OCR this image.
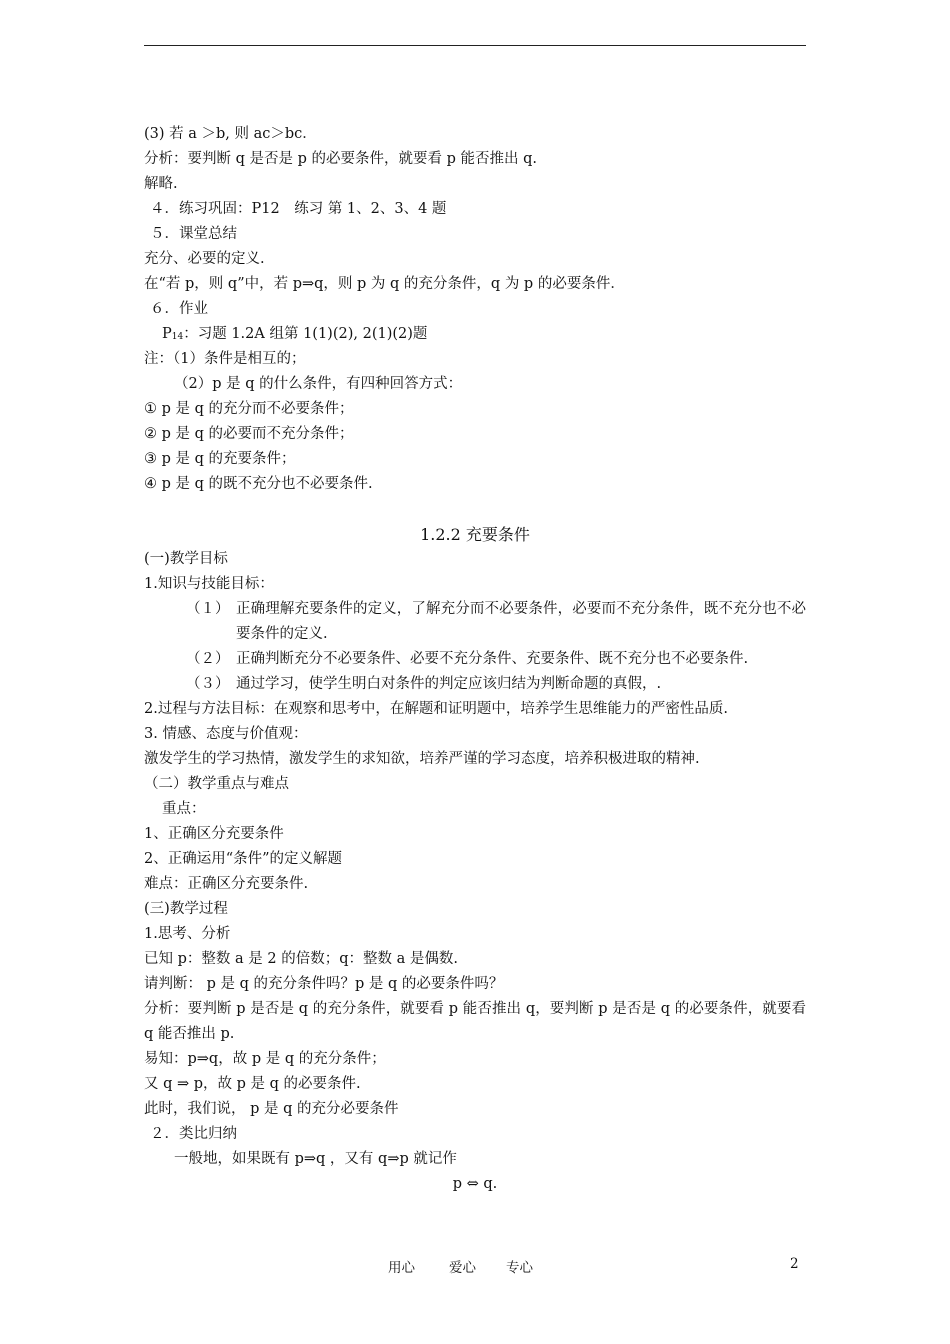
(3) 若 a ＞b, 则 ac＞bc．
分析：要判断 q 是否是 p 的必要条件，就要看 p 能否推出 q.
解略.
４．练习巩固：P12　练习 第 1、2、3、4 题
５．课堂总结
充分、必要的定义.
在“若 p，则 q”中，若 p⇒q，则 p 为 q 的充分条件，q 为 p 的必要条件．
６．作业
P14：习题 1.2A 组第 1(1)(2), 2(1)(2)题
注：（1）条件是相互的；
（2）p 是 q 的什么条件，有四种回答方式：
① p 是 q 的充分而不必要条件；
② p 是 q 的必要而不充分条件；
③ p 是 q 的充要条件；
④ p 是 q 的既不充分也不必要条件.
1.2.2 充要条件
(一)教学目标
1.知识与技能目标：
（１） 正确理解充要条件的定义，了解充分而不必要条件，必要而不充分条件，既不充分也不必要条件的定义.
（２） 正确判断充分不必要条件、必要不充分条件、充要条件、既不充分也不必要条件.
（３） 通过学习，使学生明白对条件的判定应该归结为判断命题的真假，.
2.过程与方法目标：在观察和思考中，在解题和证明题中，培养学生思维能力的严密性品质.
3. 情感、态度与价值观：
激发学生的学习热情，激发学生的求知欲，培养严谨的学习态度，培养积极进取的精神.
（二）教学重点与难点
重点：
1、正确区分充要条件
2、正确运用“条件”的定义解题
难点：正确区分充要条件.
(三)教学过程
1.思考、分析
已知 p：整数 a 是 2 的倍数；q：整数 a 是偶数.
请判断： p 是 q 的充分条件吗？p 是 q 的必要条件吗？
分析：要判断 p 是否是 q 的充分条件，就要看 p 能否推出 q，要判断 p 是否是 q 的必要条件，就要看 q 能否推出 p.
易知：p⇒q，故 p 是 q 的充分条件；
又 q ⇒ p，故 p 是 q 的必要条件.
此时，我们说， p 是 q 的充分必要条件
２．类比归纳
一般地，如果既有 p⇒q ，又有 q⇒p 就记作
p ⇔ q.
用心	爱心 专心	2
